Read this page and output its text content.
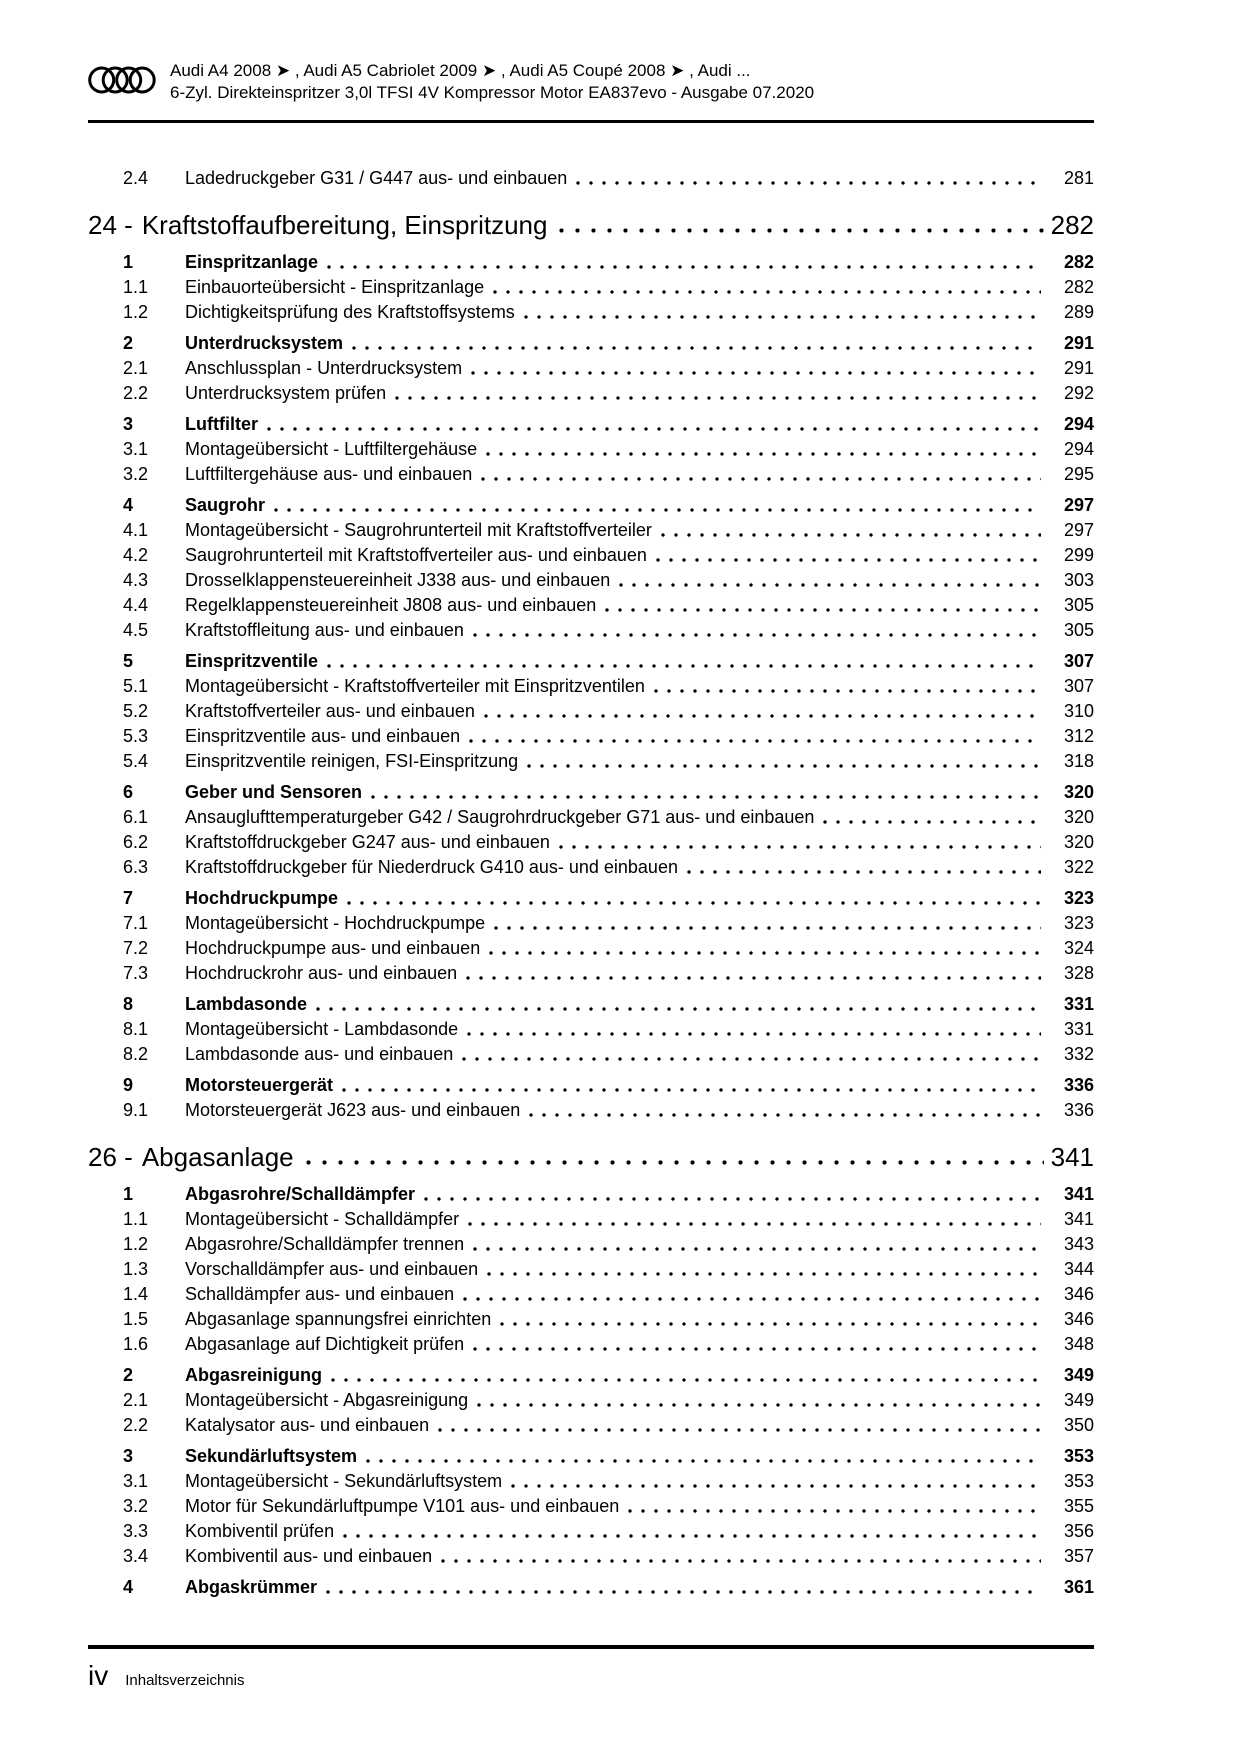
Audi A4 2008 ➤ , Audi A5 Cabriolet 2009 ➤ , Audi A5 Coupé 2008 ➤ , Audi ...
6-Zyl. Direkteinspritzer 3,0l TFSI 4V Kompressor Motor EA837evo - Ausgabe 07.2020
2.4	Ladedruckgeber G31 / G447 aus- und einbauen	281
24 - Kraftstoffaufbereitung, Einspritzung	282
1	Einspritzanlage	282
1.1	Einbauorteübersicht - Einspritzanlage	282
1.2	Dichtigkeitsprüfung des Kraftstoffsystems	289
2	Unterdrucksystem	291
2.1	Anschlussplan - Unterdrucksystem	291
2.2	Unterdrucksystem prüfen	292
3	Luftfilter	294
3.1	Montageübersicht - Luftfiltergehäuse	294
3.2	Luftfiltergehäuse aus- und einbauen	295
4	Saugrohr	297
4.1	Montageübersicht - Saugrohrunterteil mit Kraftstoffverteiler	297
4.2	Saugrohrunterteil mit Kraftstoffverteiler aus- und einbauen	299
4.3	Drosselklappensteuereinheit J338 aus- und einbauen	303
4.4	Regelklappensteuereinheit J808 aus- und einbauen	305
4.5	Kraftstoffleitung aus- und einbauen	305
5	Einspritzventile	307
5.1	Montageübersicht - Kraftstoffverteiler mit Einspritzventilen	307
5.2	Kraftstoffverteiler aus- und einbauen	310
5.3	Einspritzventile aus- und einbauen	312
5.4	Einspritzventile reinigen, FSI-Einspritzung	318
6	Geber und Sensoren	320
6.1	Ansauglufttemperaturgeber G42 / Saugrohrdruckgeber G71 aus- und einbauen	320
6.2	Kraftstoffdruckgeber G247 aus- und einbauen	320
6.3	Kraftstoffdruckgeber für Niederdruck G410 aus- und einbauen	322
7	Hochdruckpumpe	323
7.1	Montageübersicht - Hochdruckpumpe	323
7.2	Hochdruckpumpe aus- und einbauen	324
7.3	Hochdruckrohr aus- und einbauen	328
8	Lambdasonde	331
8.1	Montageübersicht - Lambdasonde	331
8.2	Lambdasonde aus- und einbauen	332
9	Motorsteuergerät	336
9.1	Motorsteuergerät J623 aus- und einbauen	336
26 - Abgasanlage	341
1	Abgasrohre/Schalldämpfer	341
1.1	Montageübersicht - Schalldämpfer	341
1.2	Abgasrohre/Schalldämpfer trennen	343
1.3	Vorschalldämpfer aus- und einbauen	344
1.4	Schalldämpfer aus- und einbauen	346
1.5	Abgasanlage spannungsfrei einrichten	346
1.6	Abgasanlage auf Dichtigkeit prüfen	348
2	Abgasreinigung	349
2.1	Montageübersicht - Abgasreinigung	349
2.2	Katalysator aus- und einbauen	350
3	Sekundärluftsystem	353
3.1	Montageübersicht - Sekundärluftsystem	353
3.2	Motor für Sekundärluftpumpe V101 aus- und einbauen	355
3.3	Kombiventil prüfen	356
3.4	Kombiventil aus- und einbauen	357
4	Abgaskrümmer	361
iv Inhaltsverzeichnis
